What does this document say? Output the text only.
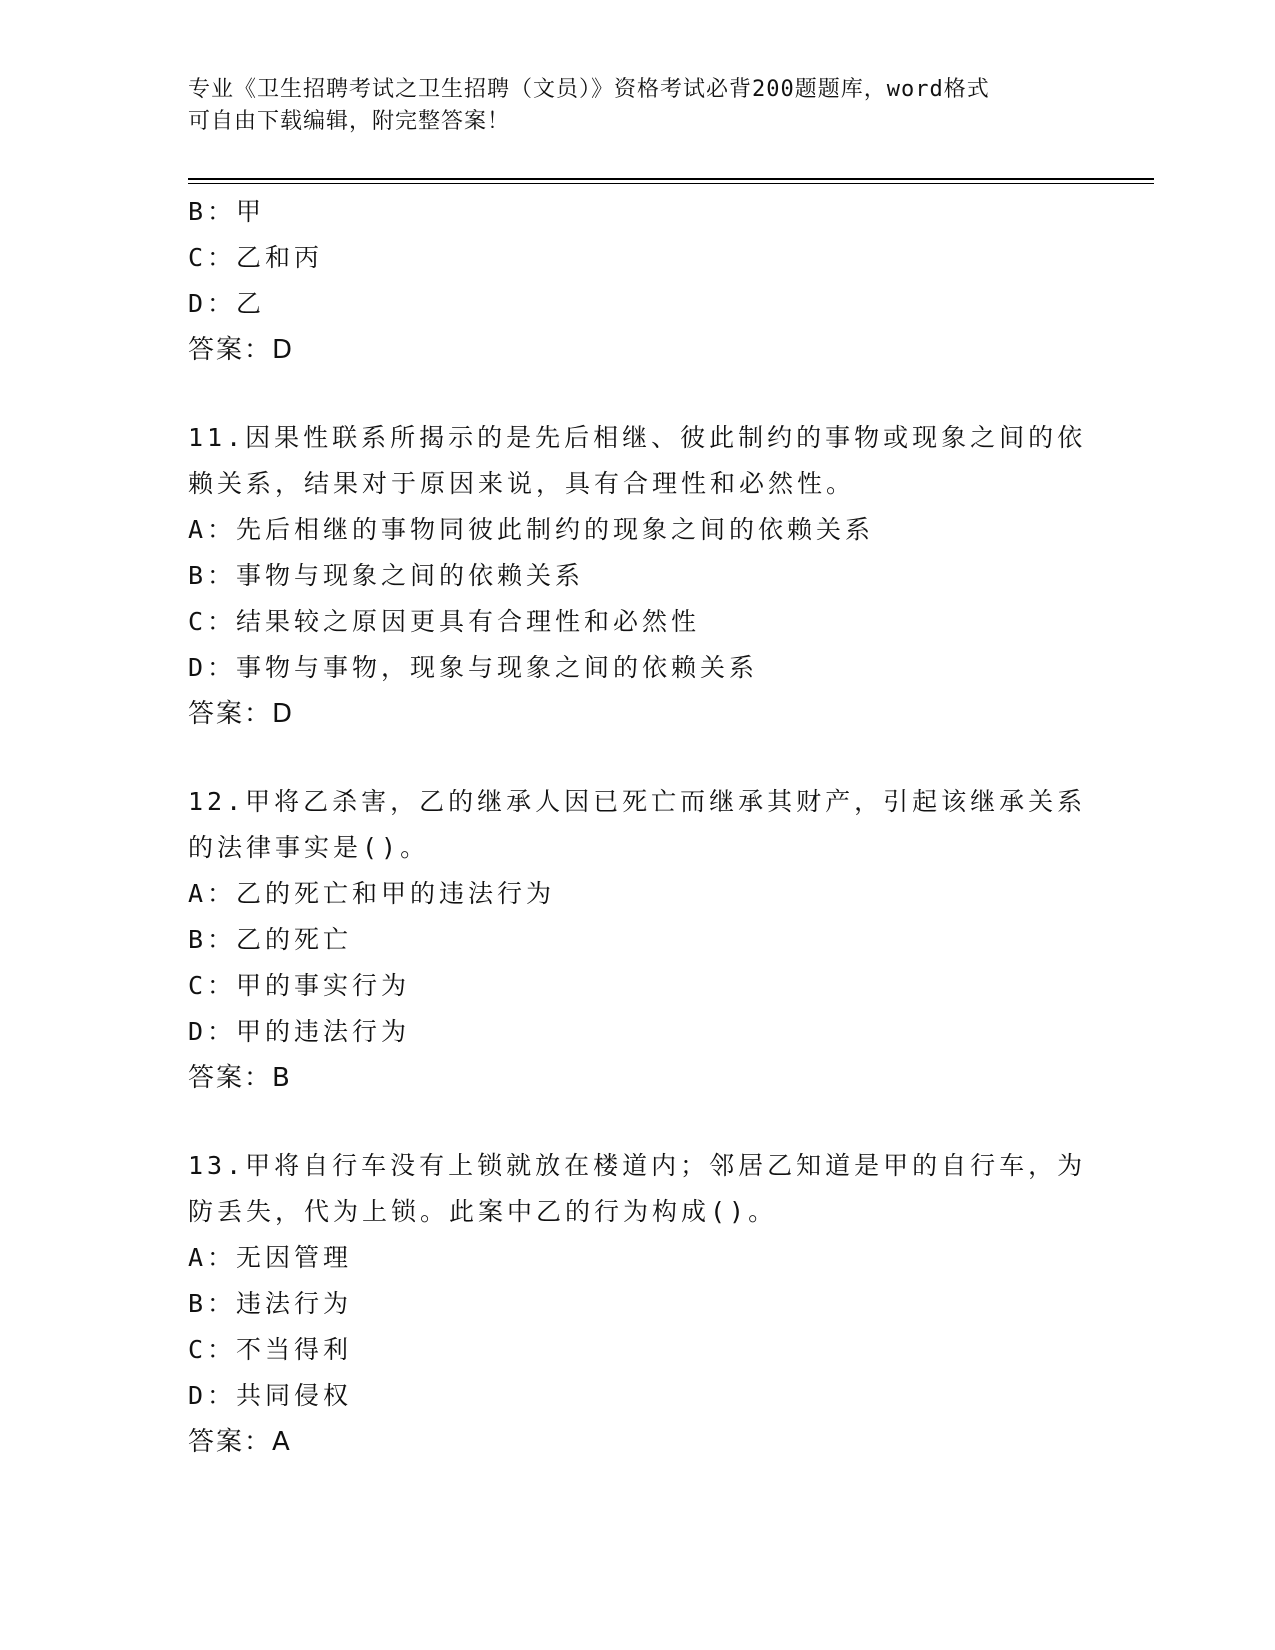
专业《卫生招聘考试之卫生招聘（文员）》资格考试必背200题题库，word格式
可自由下载编辑，附完整答案！
B：甲
C：乙和丙
D：乙
答案：D
11.因果性联系所揭示的是先后相继、彼此制约的事物或现象之间的依
赖关系，结果对于原因来说，具有合理性和必然性。
A：先后相继的事物同彼此制约的现象之间的依赖关系
B：事物与现象之间的依赖关系
C：结果较之原因更具有合理性和必然性
D：事物与事物，现象与现象之间的依赖关系
答案：D
12.甲将乙杀害，乙的继承人因已死亡而继承其财产，引起该继承关系
的法律事实是()。
A：乙的死亡和甲的违法行为
B：乙的死亡
C：甲的事实行为
D：甲的违法行为
答案：B
13.甲将自行车没有上锁就放在楼道内；邻居乙知道是甲的自行车，为
防丢失，代为上锁。此案中乙的行为构成()。
A：无因管理
B：违法行为
C：不当得利
D：共同侵权
答案：A
